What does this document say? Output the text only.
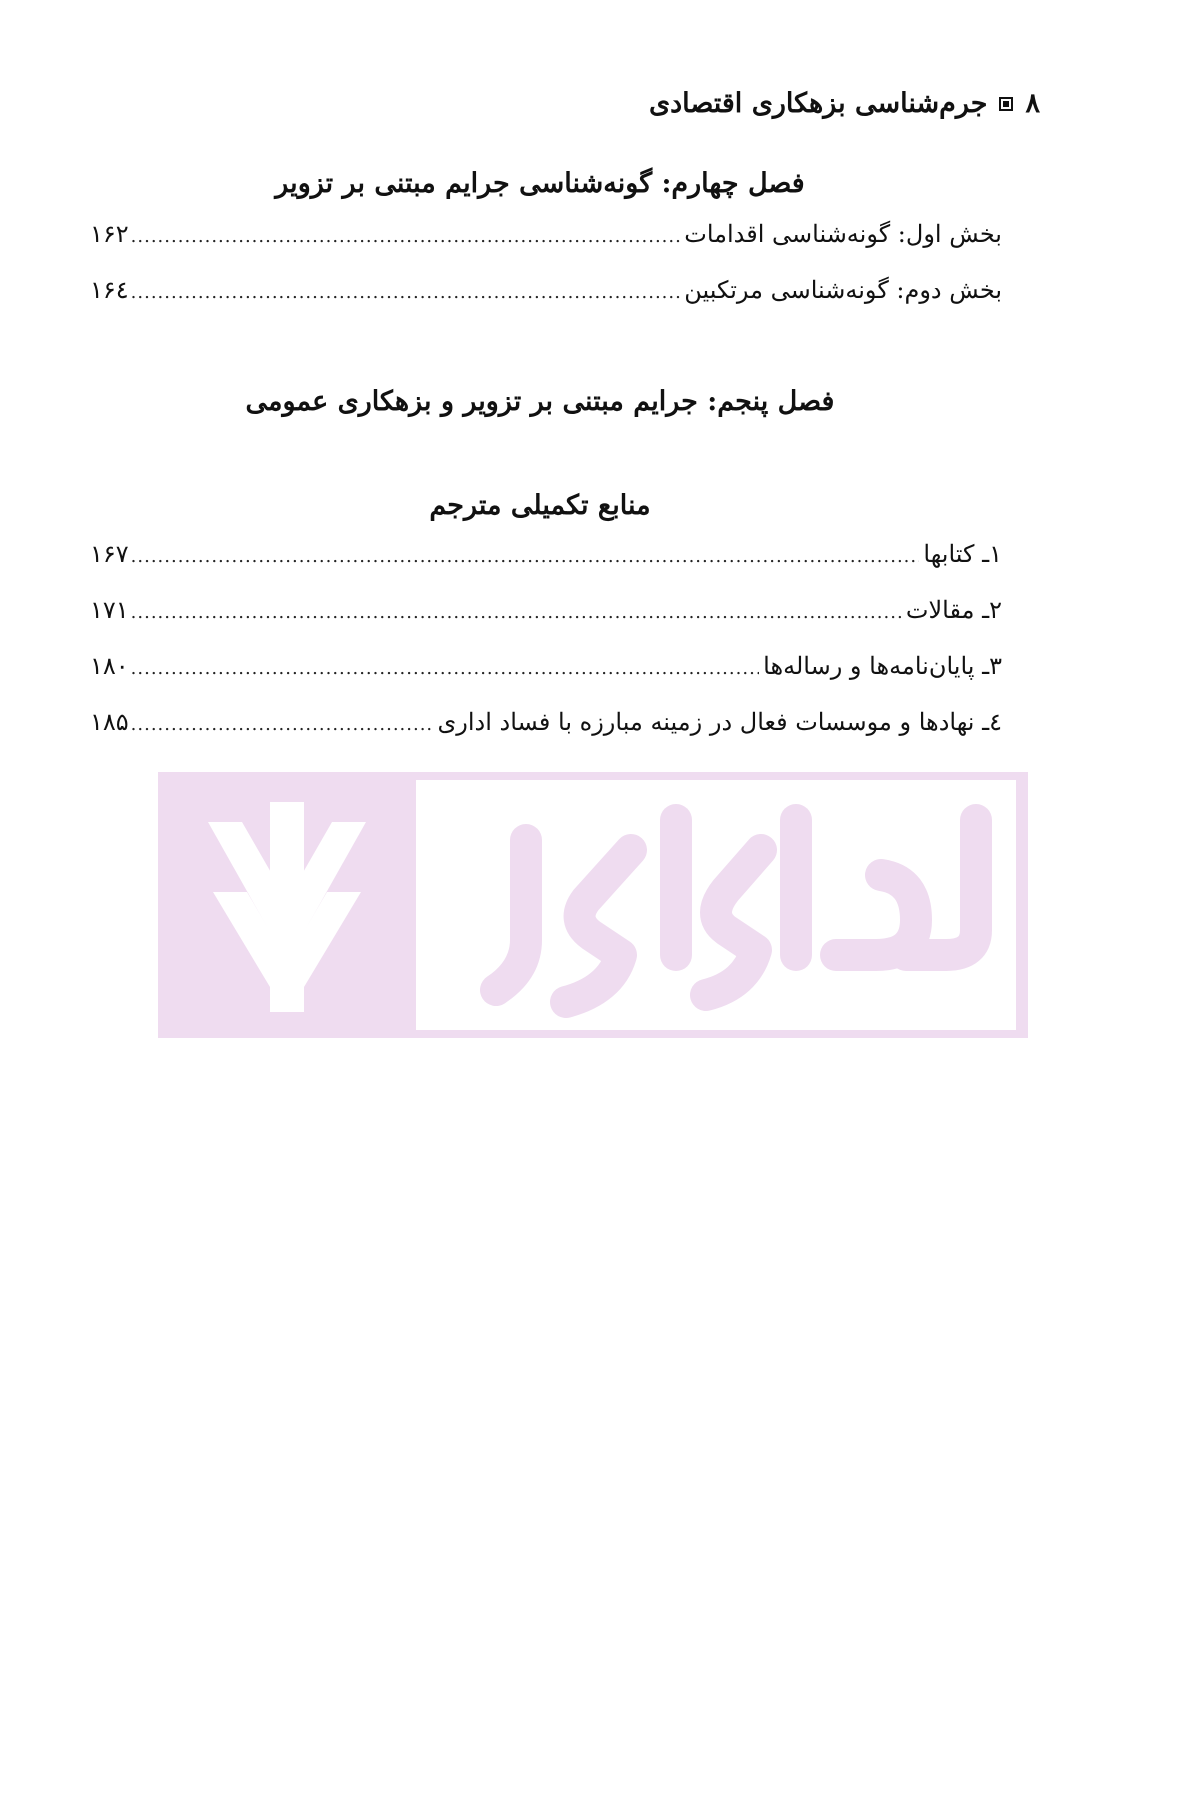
۸
جرم‌شناسی بزهکاری اقتصادی
فصل چهارم: گونه‌شناسی جرایم مبتنی بر تزویر
بخش اول: گونه‌شناسی اقدامات
.....
۱۶۲
بخش دوم: گونه‌شناسی مرتکبین
.....
۱۶٤
فصل پنجم: جرایم مبتنی بر تزویر و بزهکاری عمومی
منابع تکمیلی مترجم
۱ـ کتابها
.....
۱۶۷
۲ـ مقالات
.....
۱۷۱
۳ـ پایان‌نامه‌ها و رساله‌ها
.....
۱۸۰
٤ـ نهادها و موسسات فعال در زمینه مبارزه با فساد اداری
.....
۱۸۵
